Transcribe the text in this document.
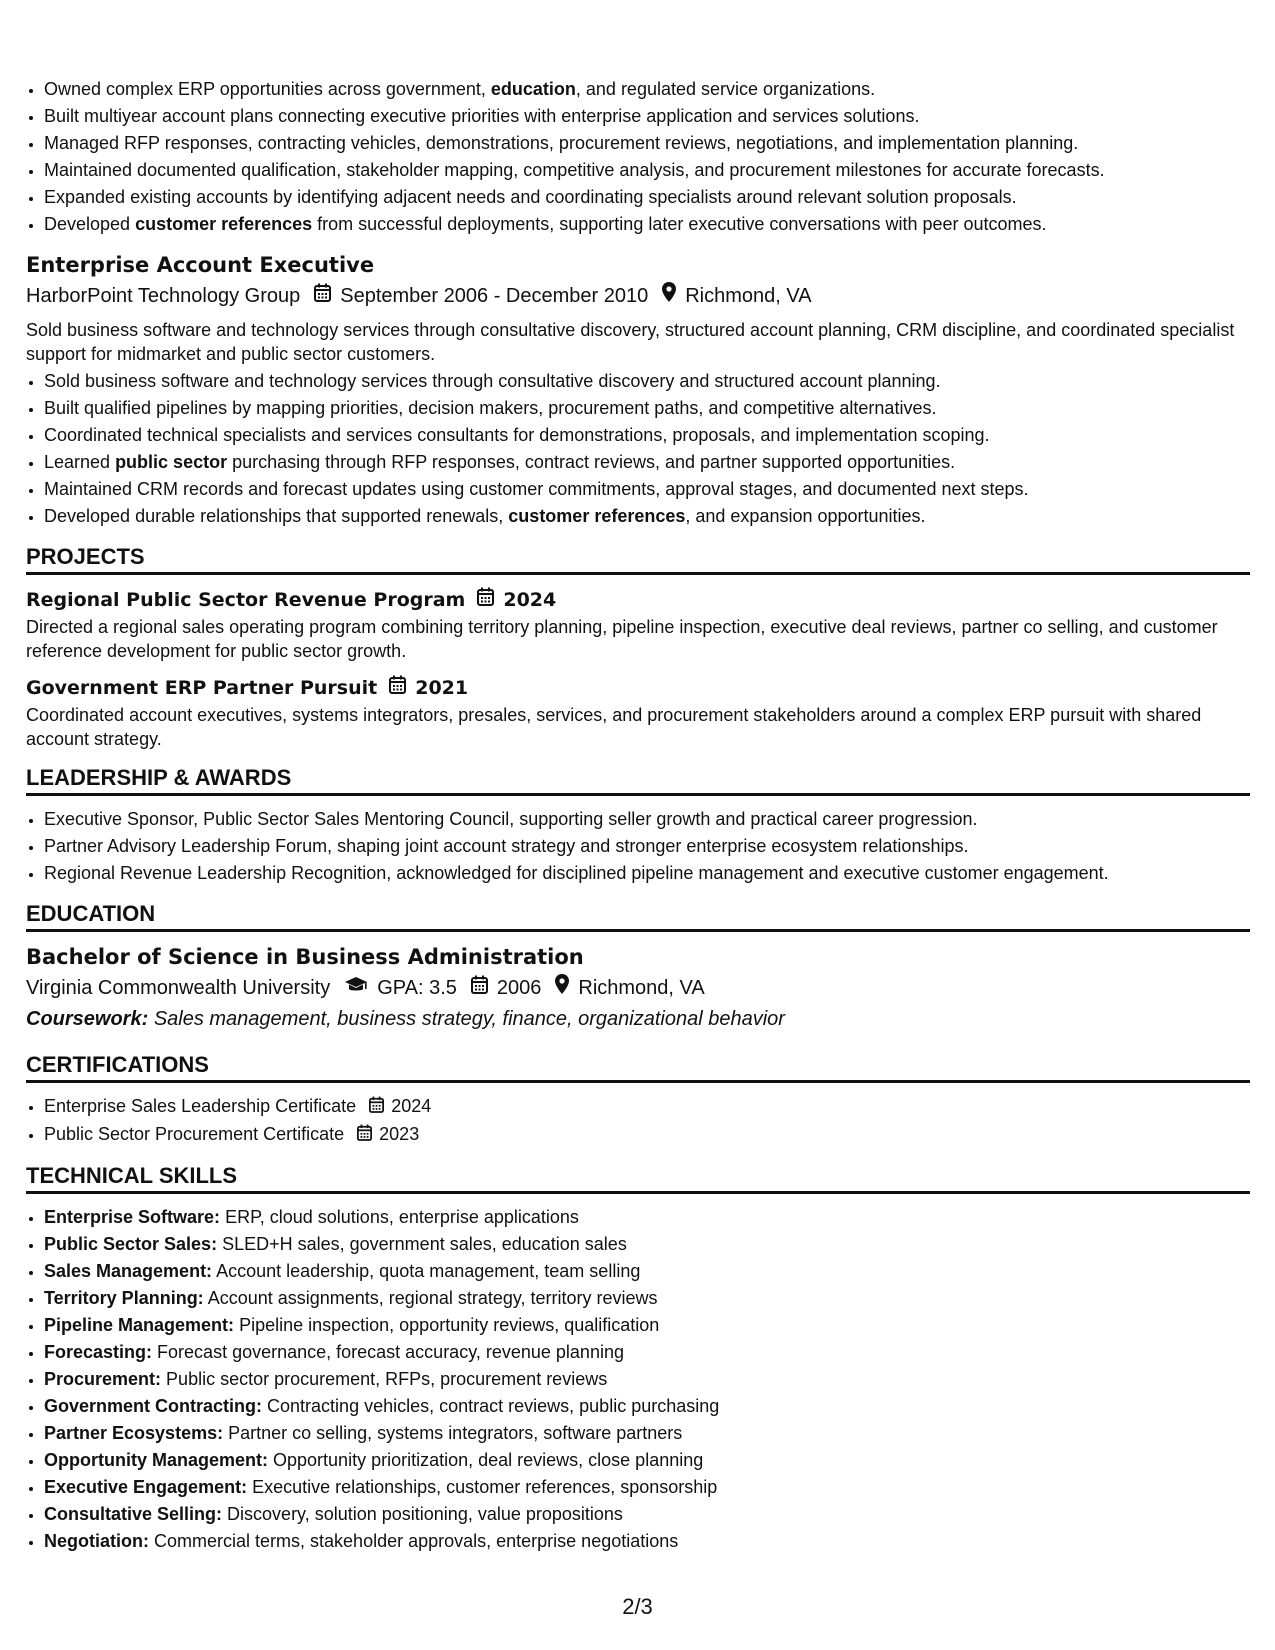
• Owned complex ERP opportunities across government, education, and regulated service organizations.
• Built multiyear account plans connecting executive priorities with enterprise application and services solutions.
• Managed RFP responses, contracting vehicles, demonstrations, procurement reviews, negotiations, and implementation planning.
• Maintained documented qualification, stakeholder mapping, competitive analysis, and procurement milestones for accurate forecasts.
• Expanded existing accounts by identifying adjacent needs and coordinating specialists around relevant solution proposals.
• Developed customer references from successful deployments, supporting later executive conversations with peer outcomes.
Enterprise Account Executive
HarborPoint Technology Group September 2006 - December 2010 Richmond, VA
Sold business software and technology services through consultative discovery, structured account planning, CRM discipline, and coordinated specialist support for midmarket and public sector customers.
• Sold business software and technology services through consultative discovery and structured account planning.
• Built qualified pipelines by mapping priorities, decision makers, procurement paths, and competitive alternatives.
• Coordinated technical specialists and services consultants for demonstrations, proposals, and implementation scoping.
• Learned public sector purchasing through RFP responses, contract reviews, and partner supported opportunities.
• Maintained CRM records and forecast updates using customer commitments, approval stages, and documented next steps.
• Developed durable relationships that supported renewals, customer references, and expansion opportunities.
PROJECTS
Regional Public Sector Revenue Program 2024
Directed a regional sales operating program combining territory planning, pipeline inspection, executive deal reviews, partner co selling, and customer reference development for public sector growth.
Government ERP Partner Pursuit 2021
Coordinated account executives, systems integrators, presales, services, and procurement stakeholders around a complex ERP pursuit with shared account strategy.
LEADERSHIP & AWARDS
• Executive Sponsor, Public Sector Sales Mentoring Council, supporting seller growth and practical career progression.
• Partner Advisory Leadership Forum, shaping joint account strategy and stronger enterprise ecosystem relationships.
• Regional Revenue Leadership Recognition, acknowledged for disciplined pipeline management and executive customer engagement.
EDUCATION
Bachelor of Science in Business Administration
Virginia Commonwealth University GPA: 3.5 2006 Richmond, VA
Coursework: Sales management, business strategy, finance, organizational behavior
CERTIFICATIONS
• Enterprise Sales Leadership Certificate 2024
• Public Sector Procurement Certificate 2023
TECHNICAL SKILLS
• Enterprise Software: ERP, cloud solutions, enterprise applications
• Public Sector Sales: SLED+H sales, government sales, education sales
• Sales Management: Account leadership, quota management, team selling
• Territory Planning: Account assignments, regional strategy, territory reviews
• Pipeline Management: Pipeline inspection, opportunity reviews, qualification
• Forecasting: Forecast governance, forecast accuracy, revenue planning
• Procurement: Public sector procurement, RFPs, procurement reviews
• Government Contracting: Contracting vehicles, contract reviews, public purchasing
• Partner Ecosystems: Partner co selling, systems integrators, software partners
• Opportunity Management: Opportunity prioritization, deal reviews, close planning
• Executive Engagement: Executive relationships, customer references, sponsorship
• Consultative Selling: Discovery, solution positioning, value propositions
• Negotiation: Commercial terms, stakeholder approvals, enterprise negotiations
2/3
